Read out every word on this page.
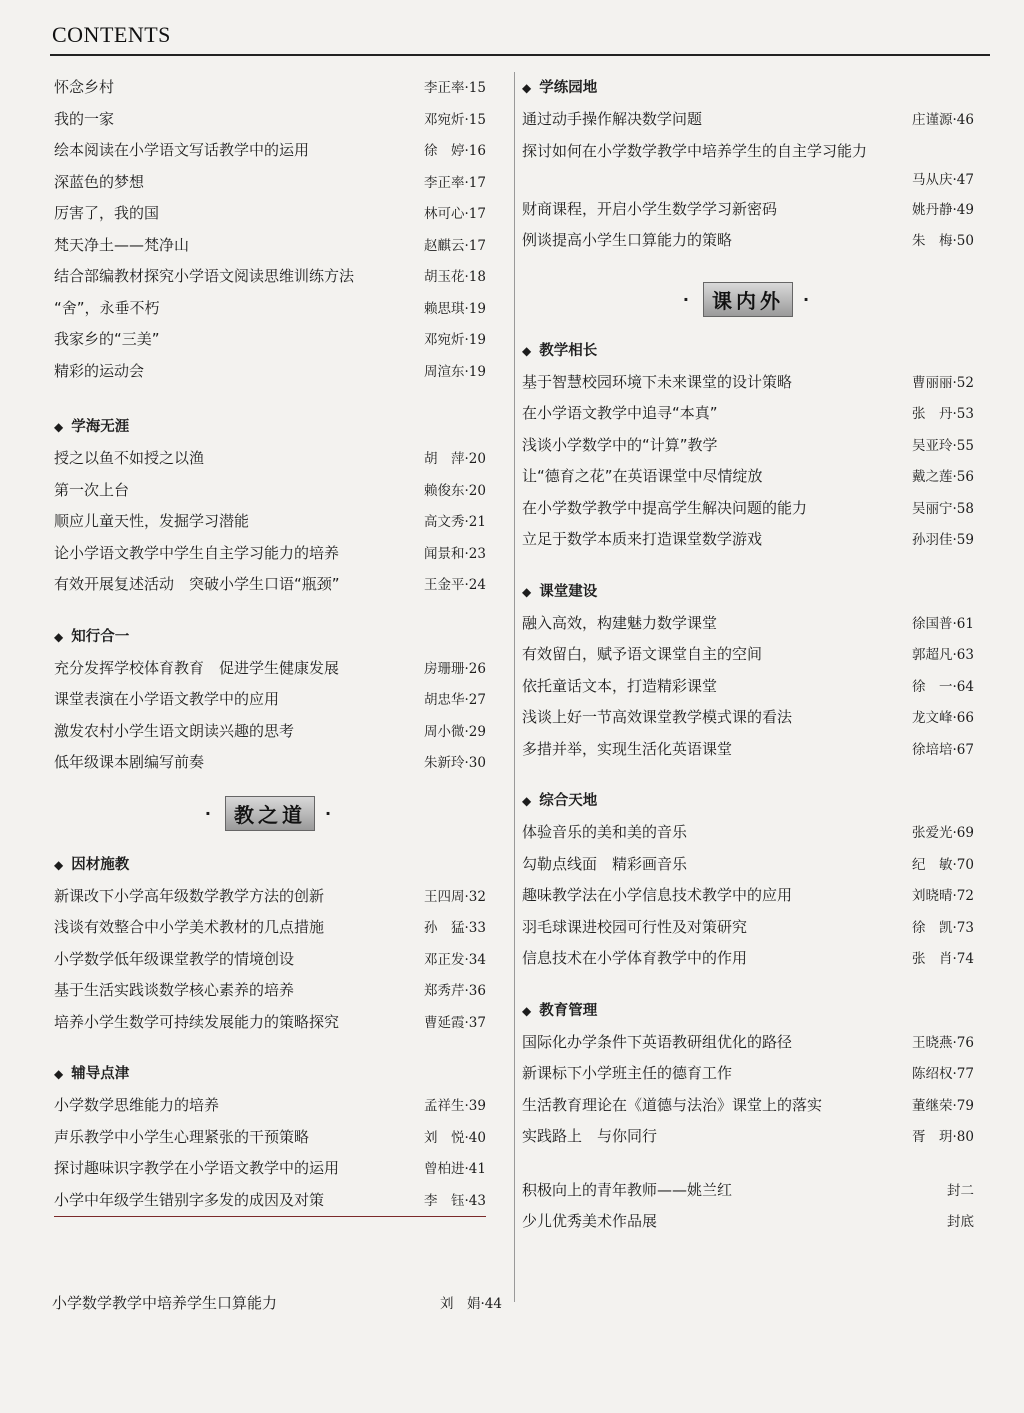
CONTENTS
怀念乡村	李正率·15
我的一家	邓宛炘·15
绘本阅读在小学语文写话教学中的运用	徐　婷·16
深蓝色的梦想	李正率·17
厉害了，我的国	林可心·17
梵天净土——梵净山	赵麒云·17
结合部编教材探究小学语文阅读思维训练方法	胡玉花·18
“舍”，永垂不朽	赖思琪·19
我家乡的“三美”	邓宛炘·19
精彩的运动会	周渲东·19
◆ 学海无涯
授之以鱼不如授之以渔	胡　萍·20
第一次上台	赖俊东·20
顺应儿童天性，发掘学习潜能	高文秀·21
论小学语文教学中学生自主学习能力的培养	闻景和·23
有效开展复述活动　突破小学生口语“瓶颈”	王金平·24
◆ 知行合一
充分发挥学校体育教育　促进学生健康发展	房珊珊·26
课堂表演在小学语文教学中的应用	胡忠华·27
激发农村小学生语文朗读兴趣的思考	周小微·29
低年级课本剧编写前奏	朱新玲·30
· 教之道	·
◆ 因材施教
新课改下小学高年级数学教学方法的创新	王四周·32
浅谈有效整合中小学美术教材的几点措施	孙　猛·33
小学数学低年级课堂教学的情境创设	邓正发·34
基于生活实践谈数学核心素养的培养	郑秀芹·36
培养小学生数学可持续发展能力的策略探究	曹延霞·37
◆ 辅导点津
小学数学思维能力的培养	孟祥生·39
声乐教学中小学生心理紧张的干预策略	刘　悦·40
探讨趣味识字教学在小学语文教学中的运用	曾柏进·41
小学中年级学生错别字多发的成因及对策	李　钰·43
小学数学教学中培养学生口算能力	刘　娟·44
◆ 学练园地
通过动手操作解决数学问题	庄谨源·46
探讨如何在小学数学教学中培养学生的自主学习能力
马从庆·47
财商课程，开启小学生数学学习新密码	姚丹静·49
例谈提高小学生口算能力的策略	朱　梅·50
· 课内外	·
◆ 教学相长
基于智慧校园环境下未来课堂的设计策略	曹丽丽·52
在小学语文教学中追寻“本真”	张　丹·53
浅谈小学数学中的“计算”教学	吴亚玲·55
让“德育之花”在英语课堂中尽情绽放	戴之莲·56
在小学数学教学中提高学生解决问题的能力	吴丽宁·58
立足于数学本质来打造课堂数学游戏	孙羽佳·59
◆ 课堂建设
融入高效，构建魅力数学课堂	徐国普·61
有效留白，赋予语文课堂自主的空间	郭超凡·63
依托童话文本，打造精彩课堂	徐　一·64
浅谈上好一节高效课堂教学模式课的看法	龙文峰·66
多措并举，实现生活化英语课堂	徐培培·67
◆ 综合天地
体验音乐的美和美的音乐	张爱光·69
勾勒点线面　精彩画音乐	纪　敏·70
趣味教学法在小学信息技术教学中的应用	刘晓晴·72
羽毛球课进校园可行性及对策研究	徐　凯·73
信息技术在小学体育教学中的作用	张　肖·74
◆ 教育管理
国际化办学条件下英语教研组优化的路径	王晓燕·76
新课标下小学班主任的德育工作	陈绍权·77
生活教育理论在《道德与法治》课堂上的落实	董继荣·79
实践路上　与你同行	胥　玥·80
积极向上的青年教师——姚兰红	封二
少儿优秀美术作品展	封底
